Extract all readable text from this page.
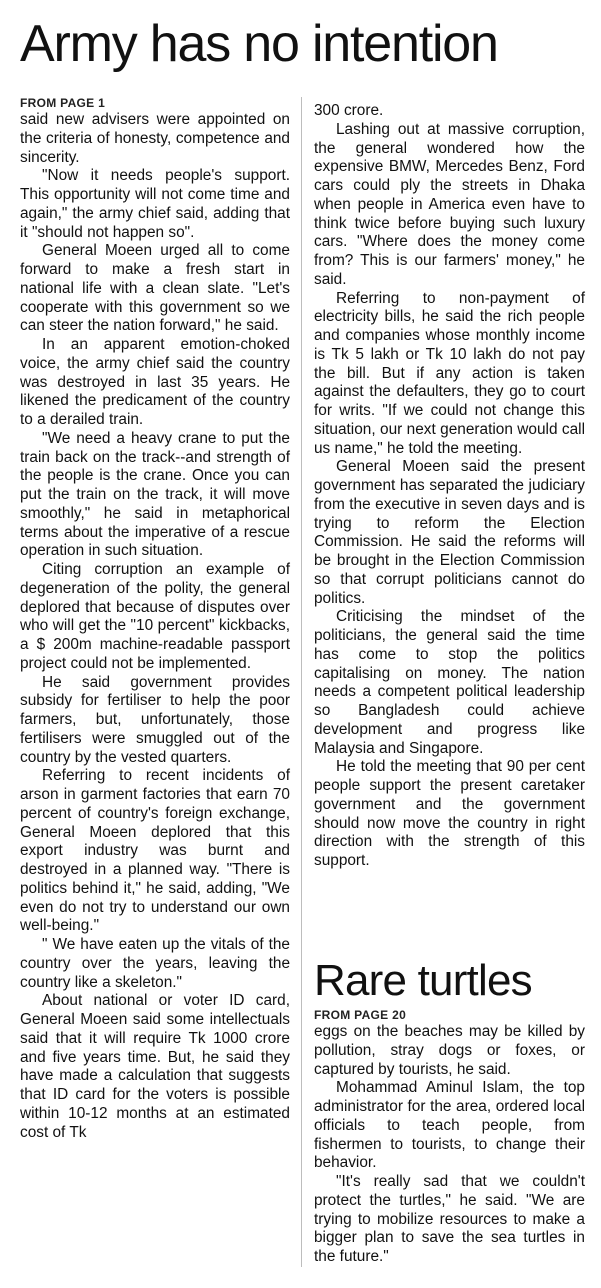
Army has no intention
FROM PAGE 1

said new advisers were appointed on the criteria of honesty, competence and sincerity.

"Now it needs people's support. This opportunity will not come time and again," the army chief said, adding that it "should not happen so".

General Moeen urged all to come forward to make a fresh start in national life with a clean slate. "Let's cooperate with this government so we can steer the nation forward," he said.

In an apparent emotion-choked voice, the army chief said the country was destroyed in last 35 years. He likened the predicament of the country to a derailed train.

"We need a heavy crane to put the train back on the track--and strength of the people is the crane. Once you can put the train on the track, it will move smoothly," he said in metaphorical terms about the imperative of a rescue operation in such situation.

Citing corruption an example of degeneration of the polity, the general deplored that because of disputes over who will get the "10 percent" kickbacks, a $ 200m machine-readable passport project could not be implemented.

He said government provides subsidy for fertiliser to help the poor farmers, but, unfortunately, those fertilisers were smuggled out of the country by the vested quarters.

Referring to recent incidents of arson in garment factories that earn 70 percent of country's foreign exchange, General Moeen deplored that this export industry was burnt and destroyed in a planned way. "There is politics behind it," he said, adding, "We even do not try to understand our own well-being."

" We have eaten up the vitals of the country over the years, leaving the country like a skeleton."

About national or voter ID card, General Moeen said some intellectuals said that it will require Tk 1000 crore and five years time. But, he said they have made a calculation that suggests that ID card for the voters is possible within 10-12 months at an estimated cost of Tk

300 crore.

Lashing out at massive corruption, the general wondered how the expensive BMW, Mercedes Benz, Ford cars could ply the streets in Dhaka when people in America even have to think twice before buying such luxury cars. "Where does the money come from? This is our farmers' money," he said.

Referring to non-payment of electricity bills, he said the rich people and companies whose monthly income is Tk 5 lakh or Tk 10 lakh do not pay the bill. But if any action is taken against the defaulters, they go to court for writs. "If we could not change this situation, our next generation would call us name," he told the meeting.

General Moeen said the present government has separated the judiciary from the executive in seven days and is trying to reform the Election Commission. He said the reforms will be brought in the Election Commission so that corrupt politicians cannot do politics.

Criticising the mindset of the politicians, the general said the time has come to stop the politics capitalising on money. The nation needs a competent political leadership so Bangladesh could achieve development and progress like Malaysia and Singapore.

He told the meeting that 90 per cent people support the present caretaker government and the government should now move the country in right direction with the strength of this support.

Rare turtles
FROM PAGE 20

eggs on the beaches may be killed by pollution, stray dogs or foxes, or captured by tourists, he said.

Mohammad Aminul Islam, the top administrator for the area, ordered local officials to teach people, from fishermen to tourists, to change their behavior.

"It's really sad that we couldn't protect the turtles," he said. "We are trying to mobilize resources to make a bigger plan to save the sea turtles in the future."
